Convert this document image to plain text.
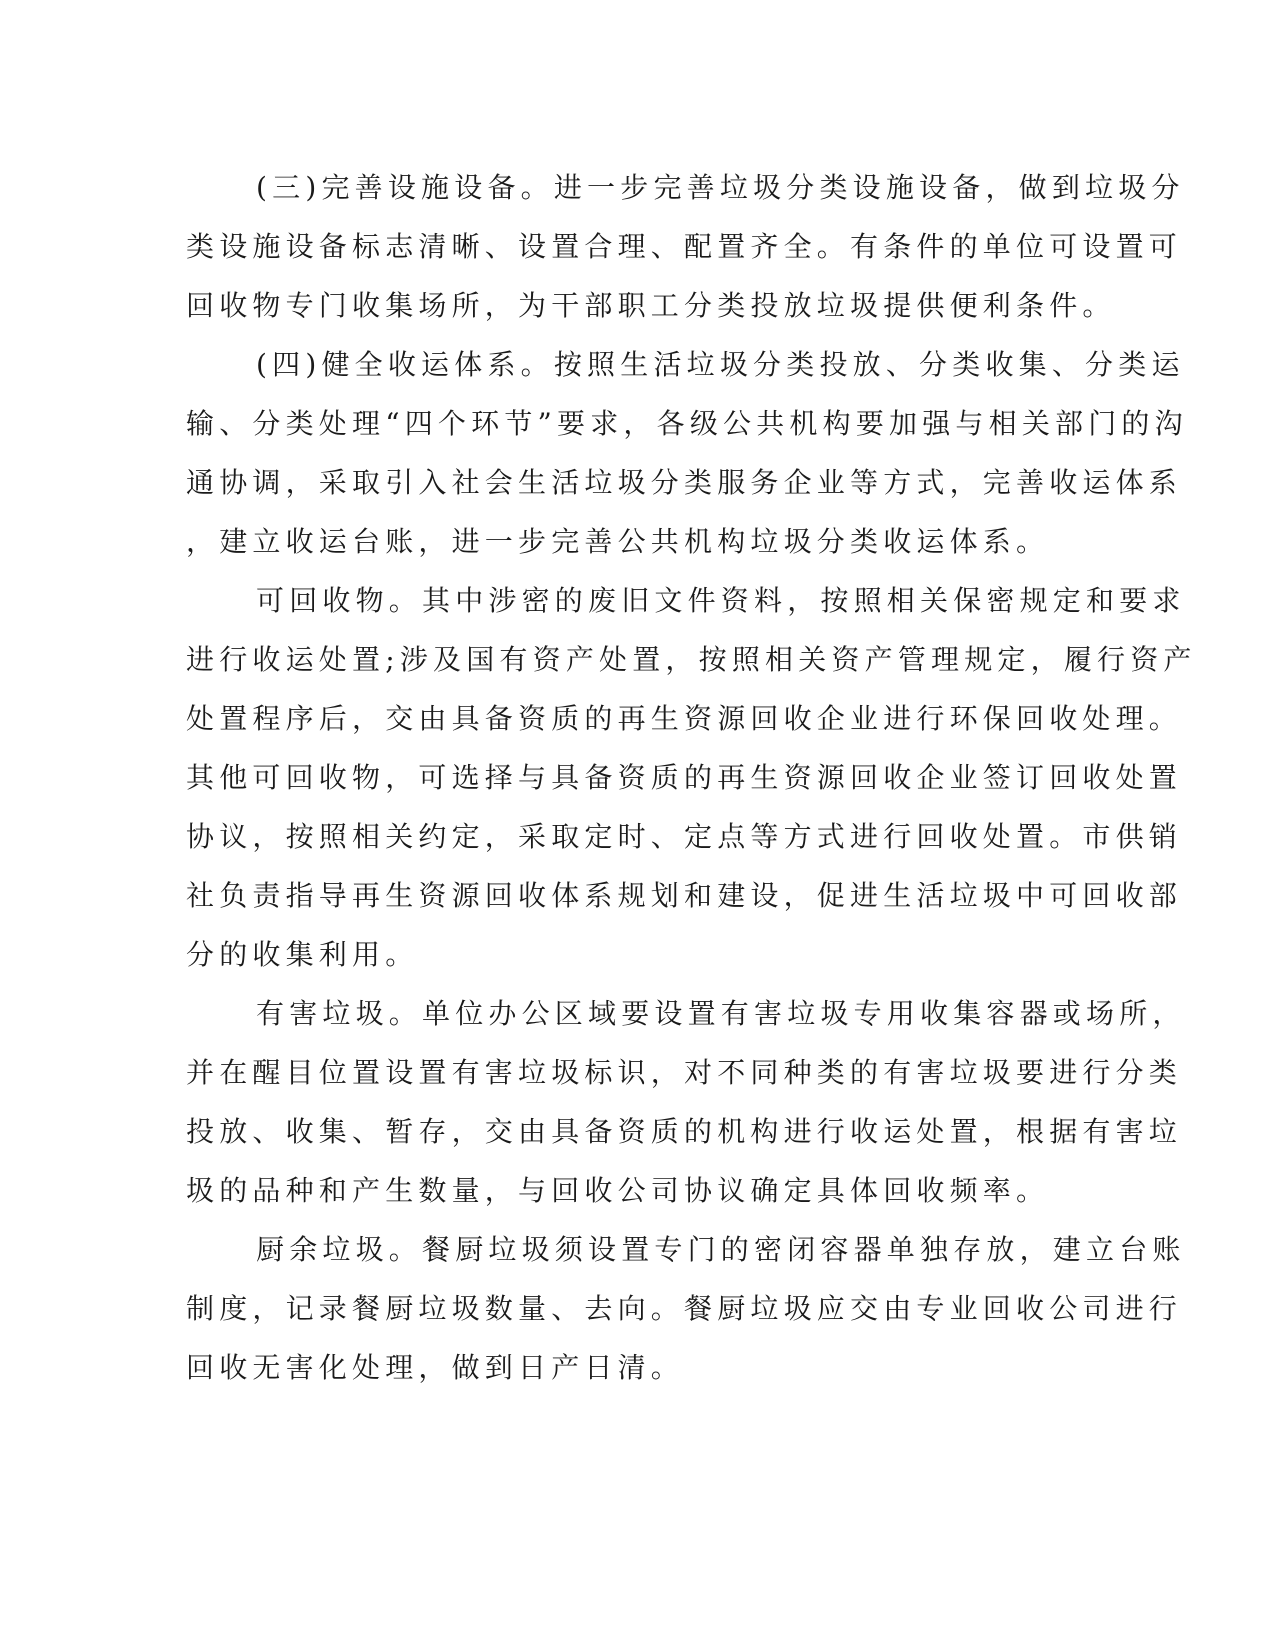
(三)完善设施设备。进一步完善垃圾分类设施设备，做到垃圾分
类设施设备标志清晰、设置合理、配置齐全。有条件的单位可设置可
回收物专门收集场所，为干部职工分类投放垃圾提供便利条件。
(四)健全收运体系。按照生活垃圾分类投放、分类收集、分类运
输、分类处理“四个环节”要求，各级公共机构要加强与相关部门的沟
通协调，采取引入社会生活垃圾分类服务企业等方式，完善收运体系
，建立收运台账，进一步完善公共机构垃圾分类收运体系。
可回收物。其中涉密的废旧文件资料，按照相关保密规定和要求
进行收运处置;涉及国有资产处置，按照相关资产管理规定，履行资产
处置程序后，交由具备资质的再生资源回收企业进行环保回收处理。
其他可回收物，可选择与具备资质的再生资源回收企业签订回收处置
协议，按照相关约定，采取定时、定点等方式进行回收处置。市供销
社负责指导再生资源回收体系规划和建设，促进生活垃圾中可回收部
分的收集利用。
有害垃圾。单位办公区域要设置有害垃圾专用收集容器或场所，
并在醒目位置设置有害垃圾标识，对不同种类的有害垃圾要进行分类
投放、收集、暂存，交由具备资质的机构进行收运处置，根据有害垃
圾的品种和产生数量，与回收公司协议确定具体回收频率。
厨余垃圾。餐厨垃圾须设置专门的密闭容器单独存放，建立台账
制度，记录餐厨垃圾数量、去向。餐厨垃圾应交由专业回收公司进行
回收无害化处理，做到日产日清。
